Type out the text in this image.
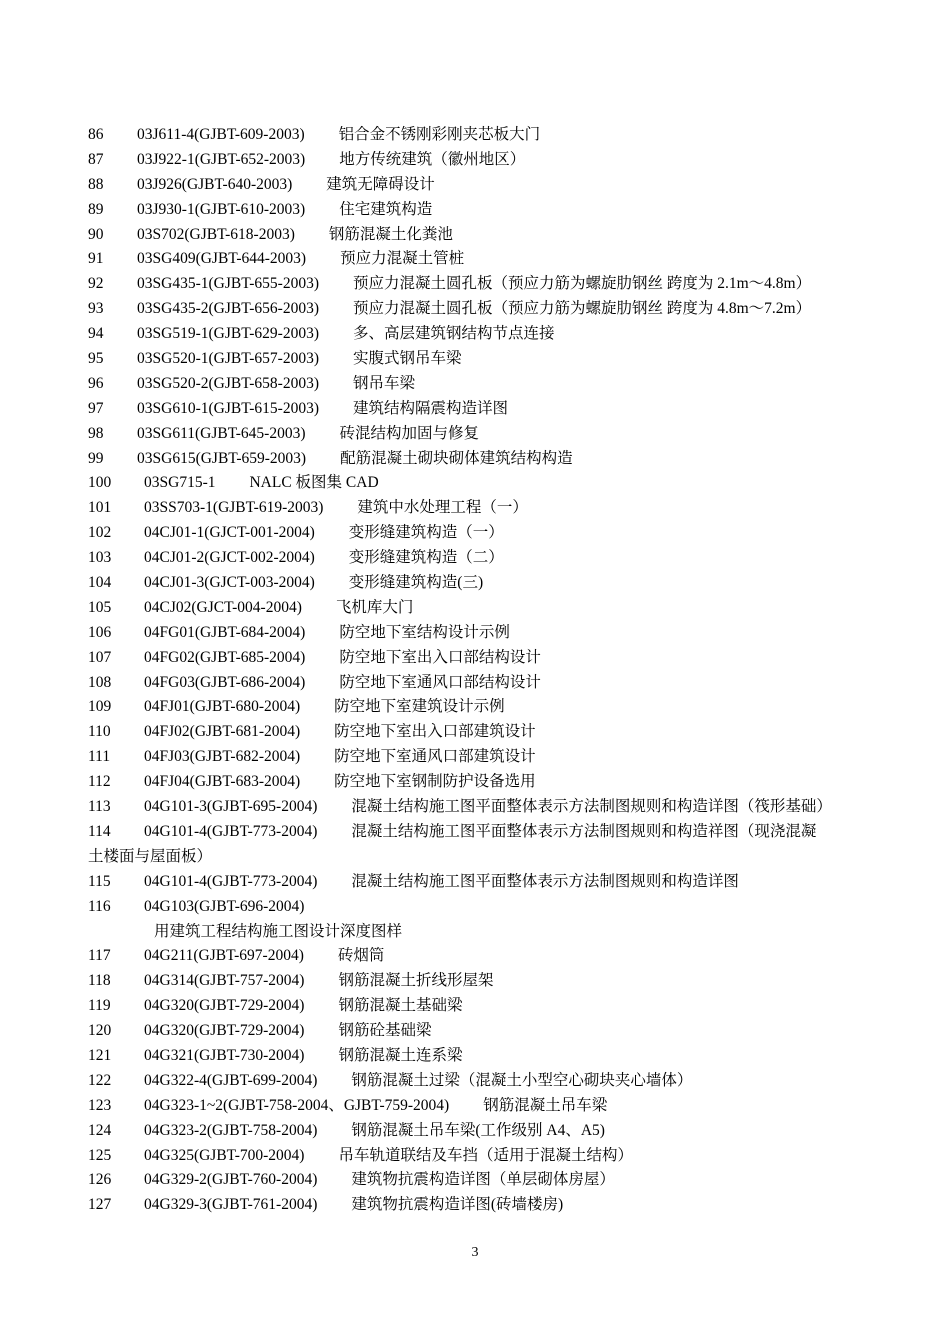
86 03J611-4(GJBT-609-2003) 铝合金不锈刚彩刚夹芯板大门
87 03J922-1(GJBT-652-2003) 地方传统建筑（徽州地区）
88 03J926(GJBT-640-2003) 建筑无障碍设计
89 03J930-1(GJBT-610-2003) 住宅建筑构造
90 03S702(GJBT-618-2003) 钢筋混凝土化粪池
91 03SG409(GJBT-644-2003) 预应力混凝土管桩
92 03SG435-1(GJBT-655-2003) 预应力混凝土圆孔板（预应力筋为螺旋肋钢丝 跨度为 2.1m～4.8m）
93 03SG435-2(GJBT-656-2003) 预应力混凝土圆孔板（预应力筋为螺旋肋钢丝 跨度为 4.8m～7.2m）
94 03SG519-1(GJBT-629-2003) 多、高层建筑钢结构节点连接
95 03SG520-1(GJBT-657-2003) 实腹式钢吊车梁
96 03SG520-2(GJBT-658-2003) 钢吊车梁
97 03SG610-1(GJBT-615-2003) 建筑结构隔震构造详图
98 03SG611(GJBT-645-2003) 砖混结构加固与修复
99 03SG615(GJBT-659-2003) 配筋混凝土砌块砌体建筑结构构造
100 03SG715-1 NALC 板图集 CAD
101 03SS703-1(GJBT-619-2003) 建筑中水处理工程（一）
102 04CJ01-1(GJCT-001-2004) 变形缝建筑构造（一）
103 04CJ01-2(GJCT-002-2004) 变形缝建筑构造（二）
104 04CJ01-3(GJCT-003-2004) 变形缝建筑构造(三)
105 04CJ02(GJCT-004-2004) 飞机库大门
106 04FG01(GJBT-684-2004) 防空地下室结构设计示例
107 04FG02(GJBT-685-2004) 防空地下室出入口部结构设计
108 04FG03(GJBT-686-2004) 防空地下室通风口部结构设计
109 04FJ01(GJBT-680-2004) 防空地下室建筑设计示例
110 04FJ02(GJBT-681-2004) 防空地下室出入口部建筑设计
111 04FJ03(GJBT-682-2004) 防空地下室通风口部建筑设计
112 04FJ04(GJBT-683-2004) 防空地下室钢制防护设备选用
113 04G101-3(GJBT-695-2004) 混凝土结构施工图平面整体表示方法制图规则和构造详图（筏形基础）
114 04G101-4(GJBT-773-2004) 混凝土结构施工图平面整体表示方法制图规则和构造祥图（现浇混凝
土楼面与屋面板）
115 04G101-4(GJBT-773-2004) 混凝土结构施工图平面整体表示方法制图规则和构造详图
116 04G103(GJBT-696-2004)
用建筑工程结构施工图设计深度图样
117 04G211(GJBT-697-2004) 砖烟筒
118 04G314(GJBT-757-2004) 钢筋混凝土折线形屋架
119 04G320(GJBT-729-2004) 钢筋混凝土基础梁
120 04G320(GJBT-729-2004) 钢筋砼基础梁
121 04G321(GJBT-730-2004) 钢筋混凝土连系梁
122 04G322-4(GJBT-699-2004) 钢筋混凝土过梁（混凝土小型空心砌块夹心墙体）
123 04G323-1~2(GJBT-758-2004、GJBT-759-2004) 钢筋混凝土吊车梁
124 04G323-2(GJBT-758-2004) 钢筋混凝土吊车梁(工作级别 A4、A5)
125 04G325(GJBT-700-2004) 吊车轨道联结及车挡（适用于混凝土结构）
126 04G329-2(GJBT-760-2004) 建筑物抗震构造详图（单层砌体房屋）
127 04G329-3(GJBT-761-2004) 建筑物抗震构造详图(砖墙楼房)
3
